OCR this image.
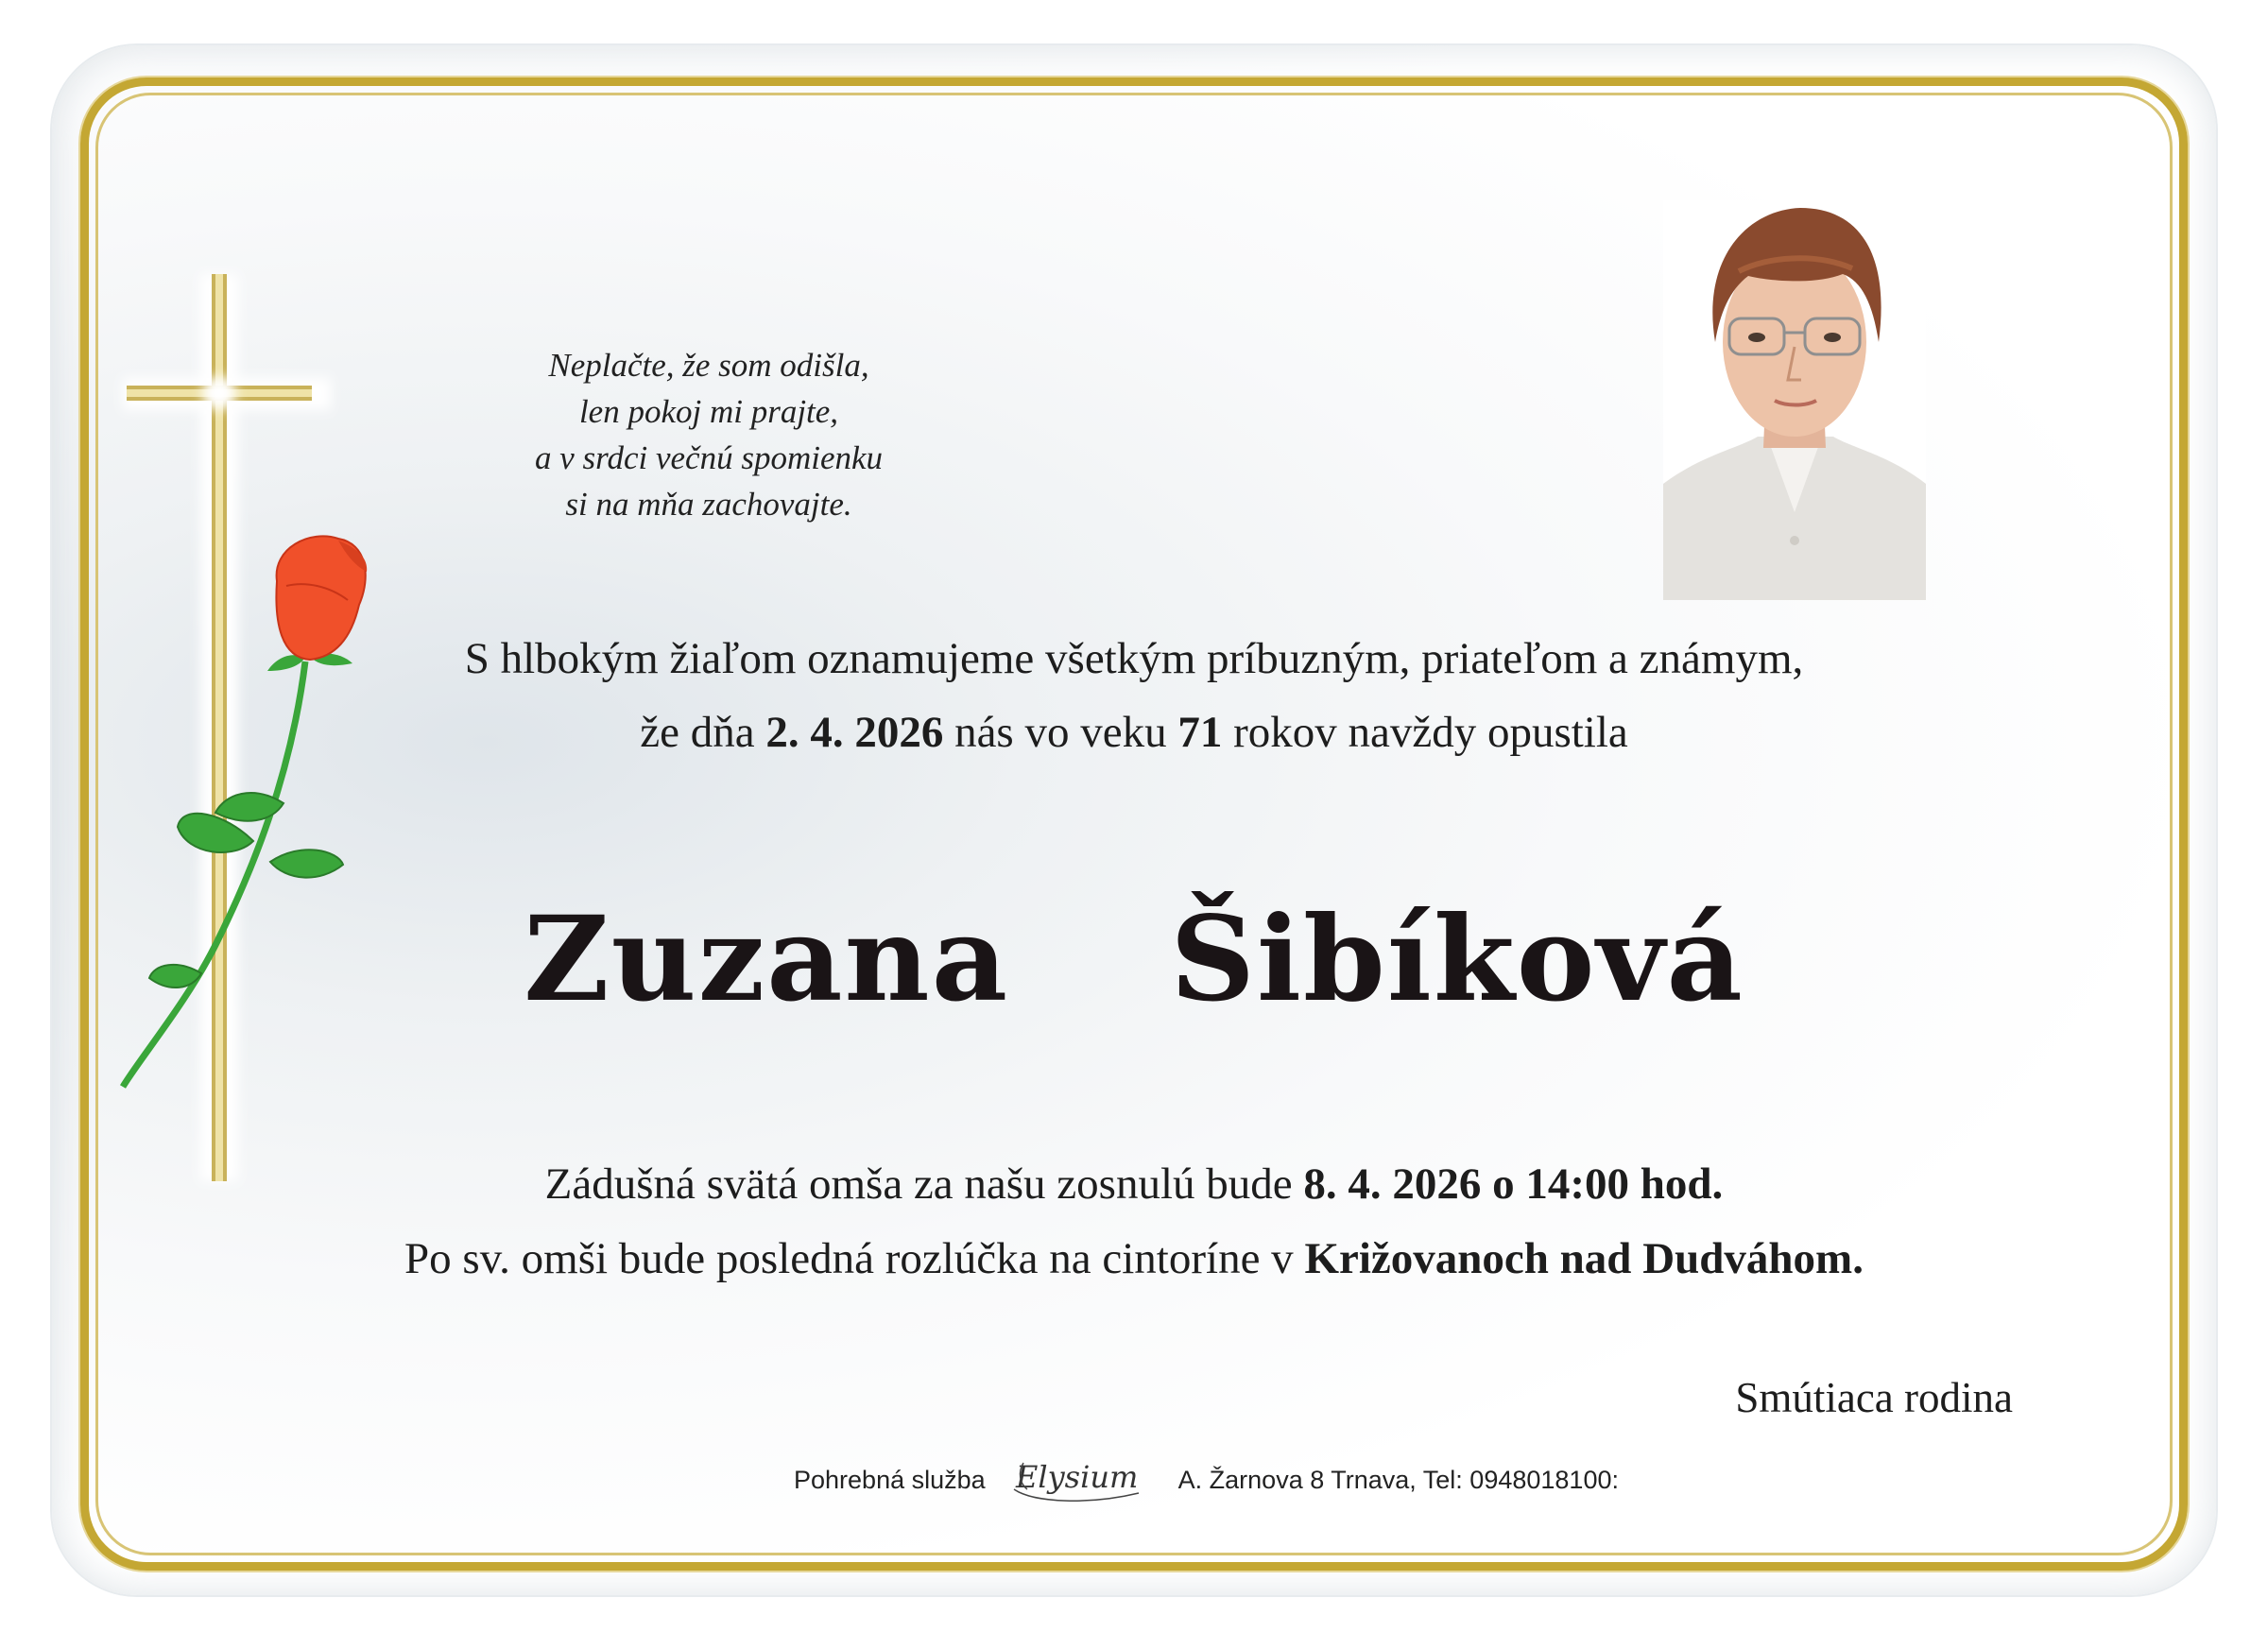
Neplačte, že som odišla,
len pokoj mi prajte,
a v srdci večnú spomienku
si na mňa zachovajte.
S hlbokým žiaľom oznamujeme všetkým príbuzným, priateľom a známym,
že dňa 2. 4. 2026 nás vo veku 71 rokov navždy opustila
Zuzana  Šibíková
Zádušná svätá omša za našu zosnulú bude 8. 4. 2026 o 14:00 hod.
Po sv. omši bude posledná rozlúčka na cintoríne v Križovanoch nad Dudváhom.
Smútiaca rodina
Pohrebná služba Elysium A. Žarnova 8 Trnava, Tel: 0948018100:
